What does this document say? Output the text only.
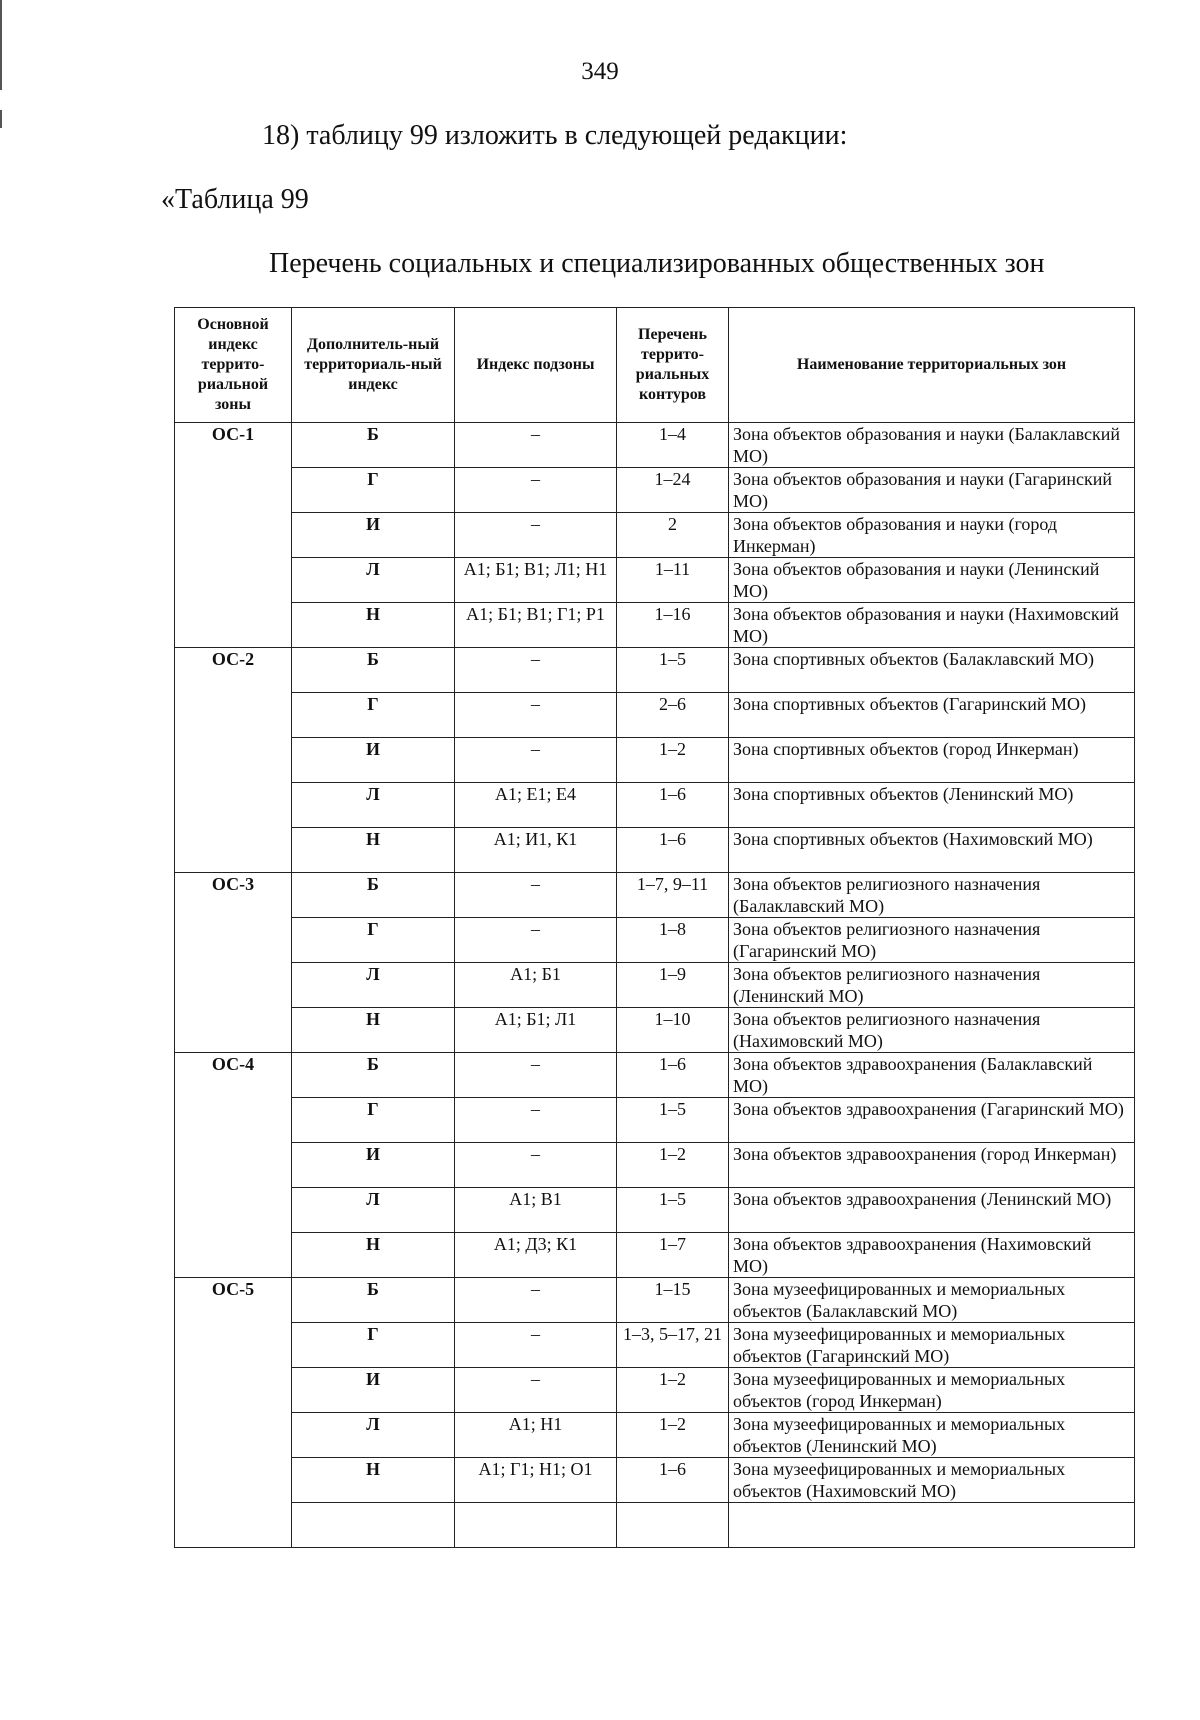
349
18) таблицу 99 изложить в следующей редакции:
«Таблица 99
Перечень социальных и специализированных общественных зон
Основной индекс террито-риальной зоны	Дополнитель-ный территориаль-ный индекс	Индекс подзоны	Перечень террито-риальных контуров	Наименование территориальных зон
ОС-1	Б	–	1–4	Зона объектов образования и науки (Балаклавский МО)
	Г	–	1–24	Зона объектов образования и науки (Гагаринский МО)
	И	–	2	Зона объектов образования и науки (город Инкерман)
	Л	А1; Б1; В1; Л1; Н1	1–11	Зона объектов образования и науки (Ленинский МО)
	Н	А1; Б1; В1; Г1; Р1	1–16	Зона объектов образования и науки (Нахимовский МО)
ОС-2	Б	–	1–5	Зона спортивных объектов (Балаклавский МО)
	Г	–	2–6	Зона спортивных объектов (Гагаринский МО)
	И	–	1–2	Зона спортивных объектов (город Инкерман)
	Л	А1; Е1; Е4	1–6	Зона спортивных объектов (Ленинский МО)
	Н	А1; И1, К1	1–6	Зона спортивных объектов (Нахимовский МО)
ОС-3	Б	–	1–7, 9–11	Зона объектов религиозного назначения (Балаклавский МО)
	Г	–	1–8	Зона объектов религиозного назначения (Гагаринский МО)
	Л	А1; Б1	1–9	Зона объектов религиозного назначения (Ленинский МО)
	Н	А1; Б1; Л1	1–10	Зона объектов религиозного назначения (Нахимовский МО)
ОС-4	Б	–	1–6	Зона объектов здравоохранения (Балаклавский МО)
	Г	–	1–5	Зона объектов здравоохранения (Гагаринский МО)
	И	–	1–2	Зона объектов здравоохранения (город Инкерман)
	Л	А1; В1	1–5	Зона объектов здравоохранения (Ленинский МО)
	Н	А1; Д3; К1	1–7	Зона объектов здравоохранения (Нахимовский МО)
ОС-5	Б	–	1–15	Зона музеефицированных и мемориальных объектов (Балаклавский МО)
	Г	–	1–3, 5–17, 21	Зона музеефицированных и мемориальных объектов (Гагаринский МО)
	И	–	1–2	Зона музеефицированных и мемориальных объектов (город Инкерман)
	Л	А1; Н1	1–2	Зона музеефицированных и мемориальных объектов (Ленинский МО)
	Н	А1; Г1; Н1; О1	1–6	Зона музеефицированных и мемориальных объектов (Нахимовский МО)
